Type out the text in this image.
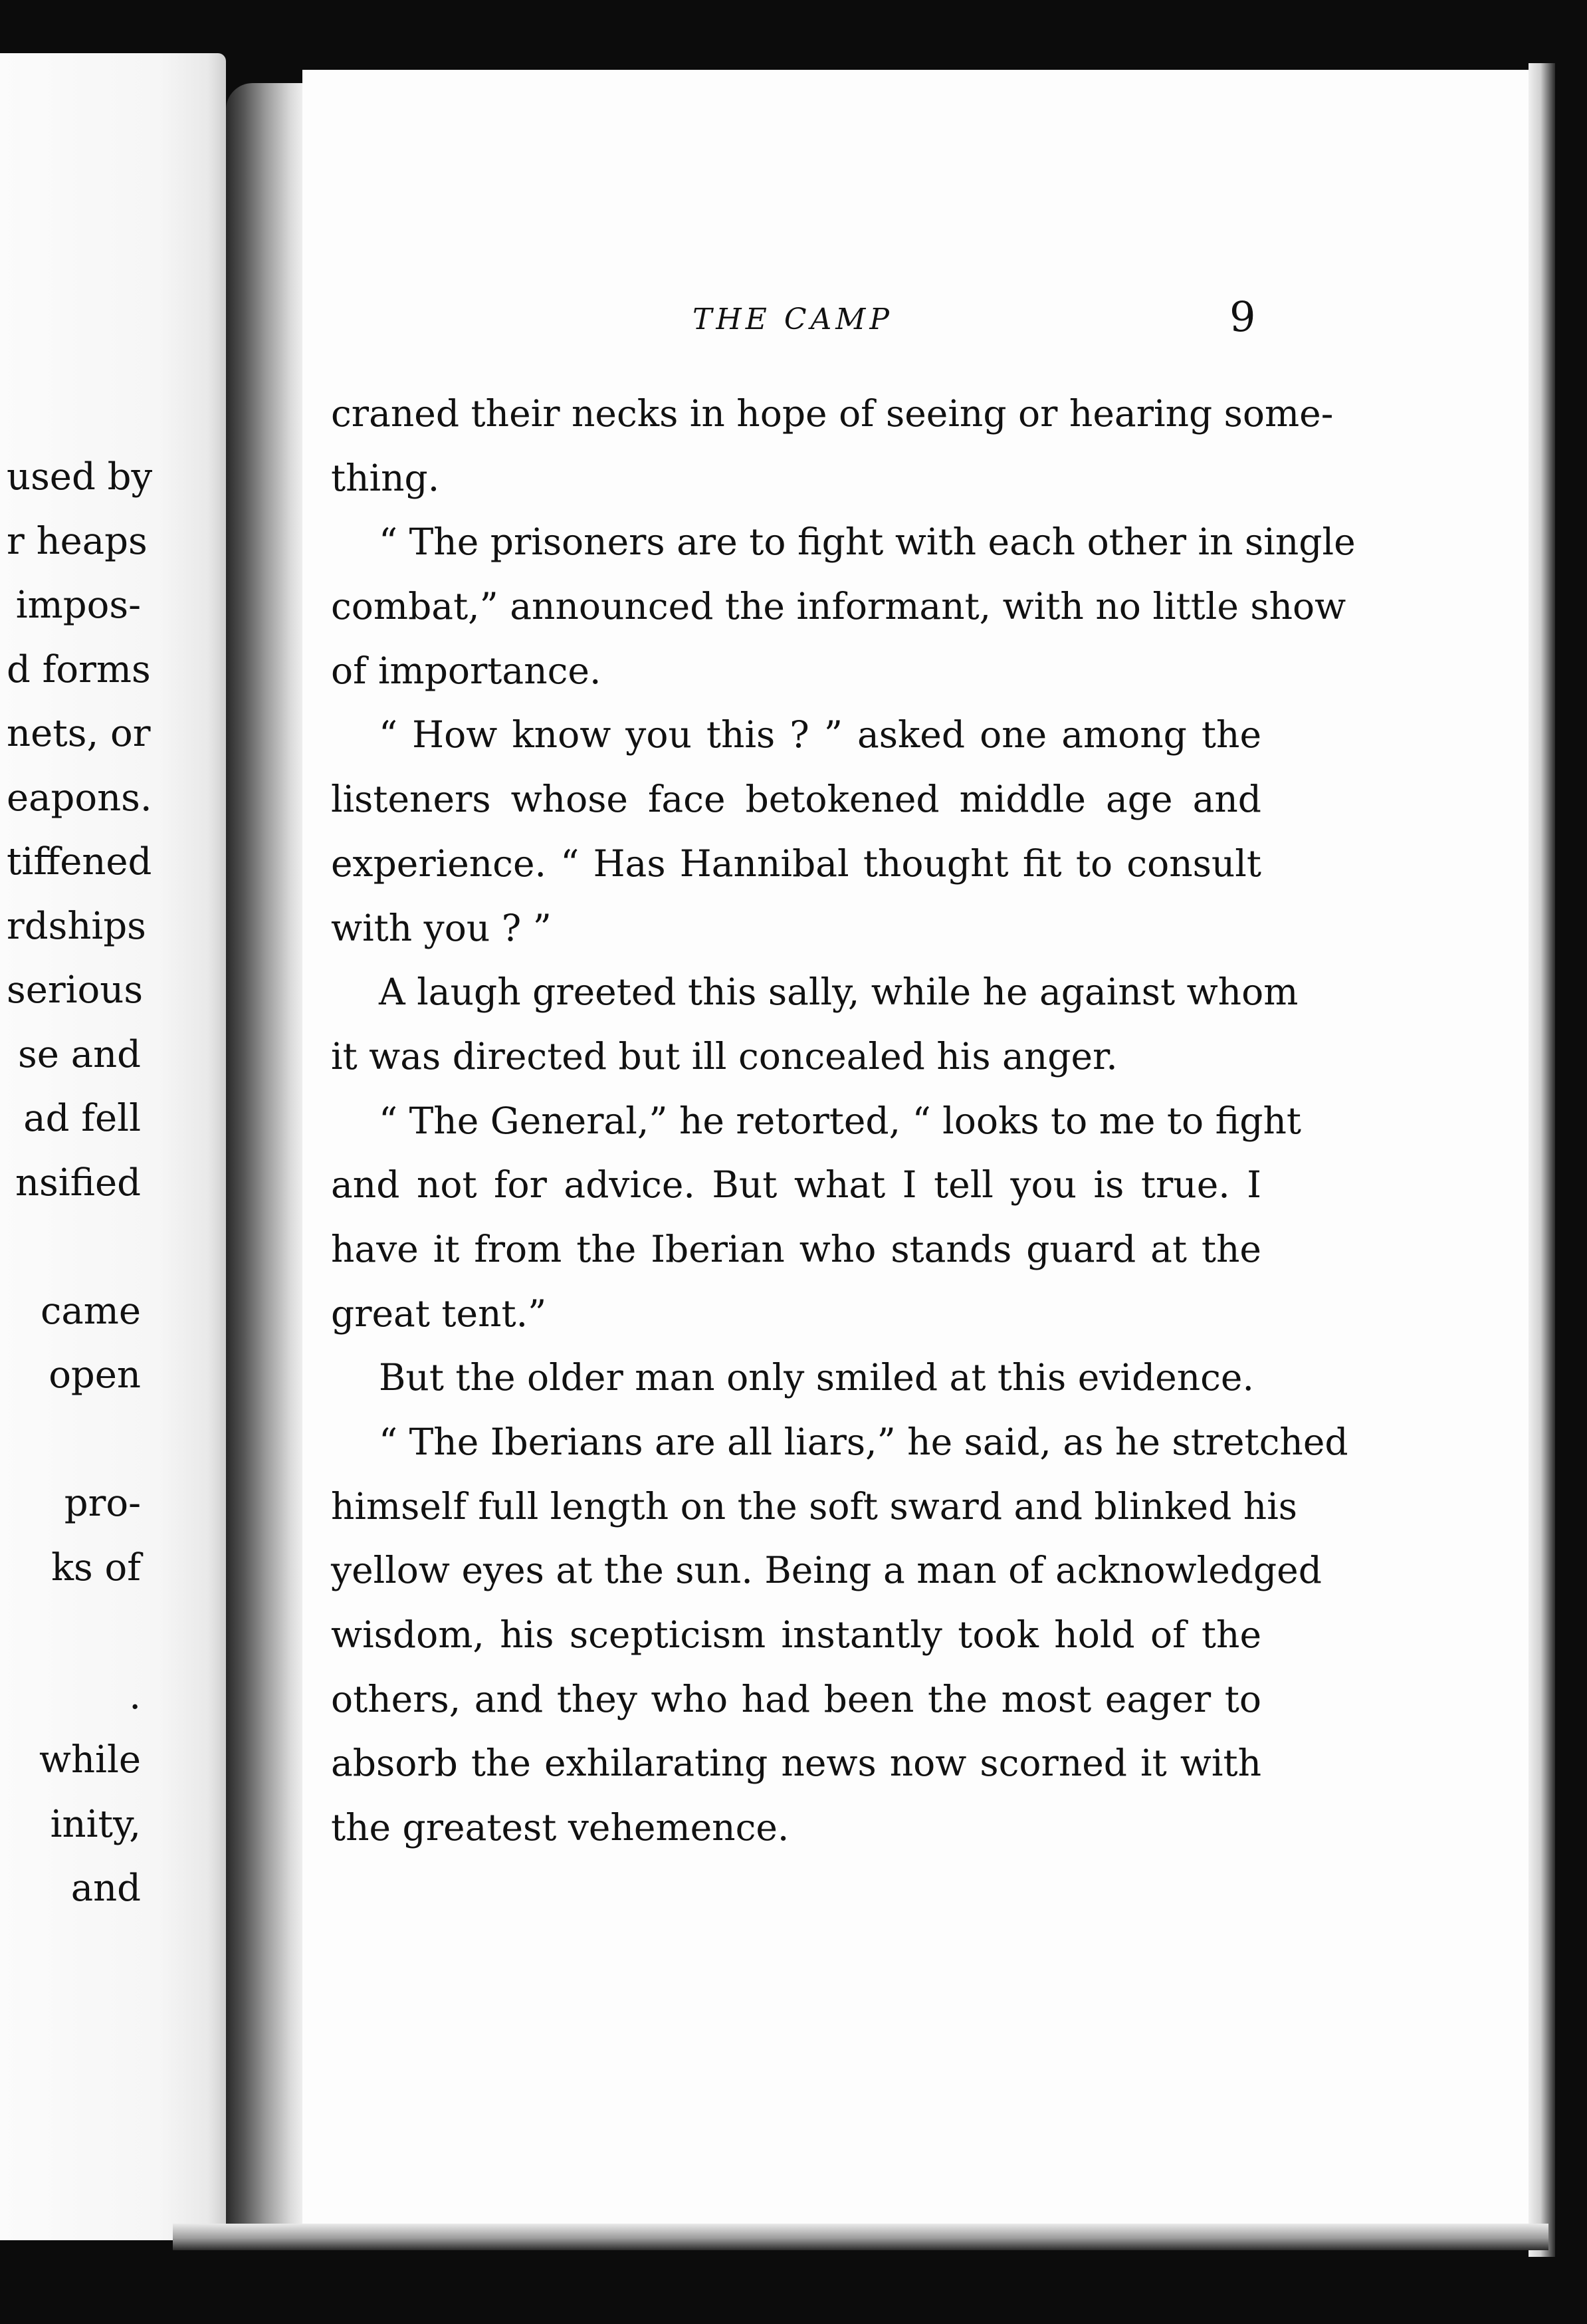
used by
r heaps
impos-
d forms
nets, or
eapons.
tiffened
rdships
serious
se and
ad fell
nsified
came
open
pro-
ks of
.
while
inity,
and
THE CAMP	9
craned their necks in hope of seeing or hearing some-
thing.
“ The prisoners are to fight with each other in single
combat,” announced the informant, with no little show
of importance.
“ How know you this ? ” asked one among the
listeners whose face betokened middle age and
experience. “ Has Hannibal thought fit to consult
with you ? ”
A laugh greeted this sally, while he against whom
it was directed but ill concealed his anger.
“ The General,” he retorted, “ looks to me to fight
and not for advice. But what I tell you is true. I
have it from the Iberian who stands guard at the
great tent.”
But the older man only smiled at this evidence.
“ The Iberians are all liars,” he said, as he stretched
himself full length on the soft sward and blinked his
yellow eyes at the sun. Being a man of acknowledged
wisdom, his scepticism instantly took hold of the
others, and they who had been the most eager to
absorb the exhilarating news now scorned it with
the greatest vehemence.
